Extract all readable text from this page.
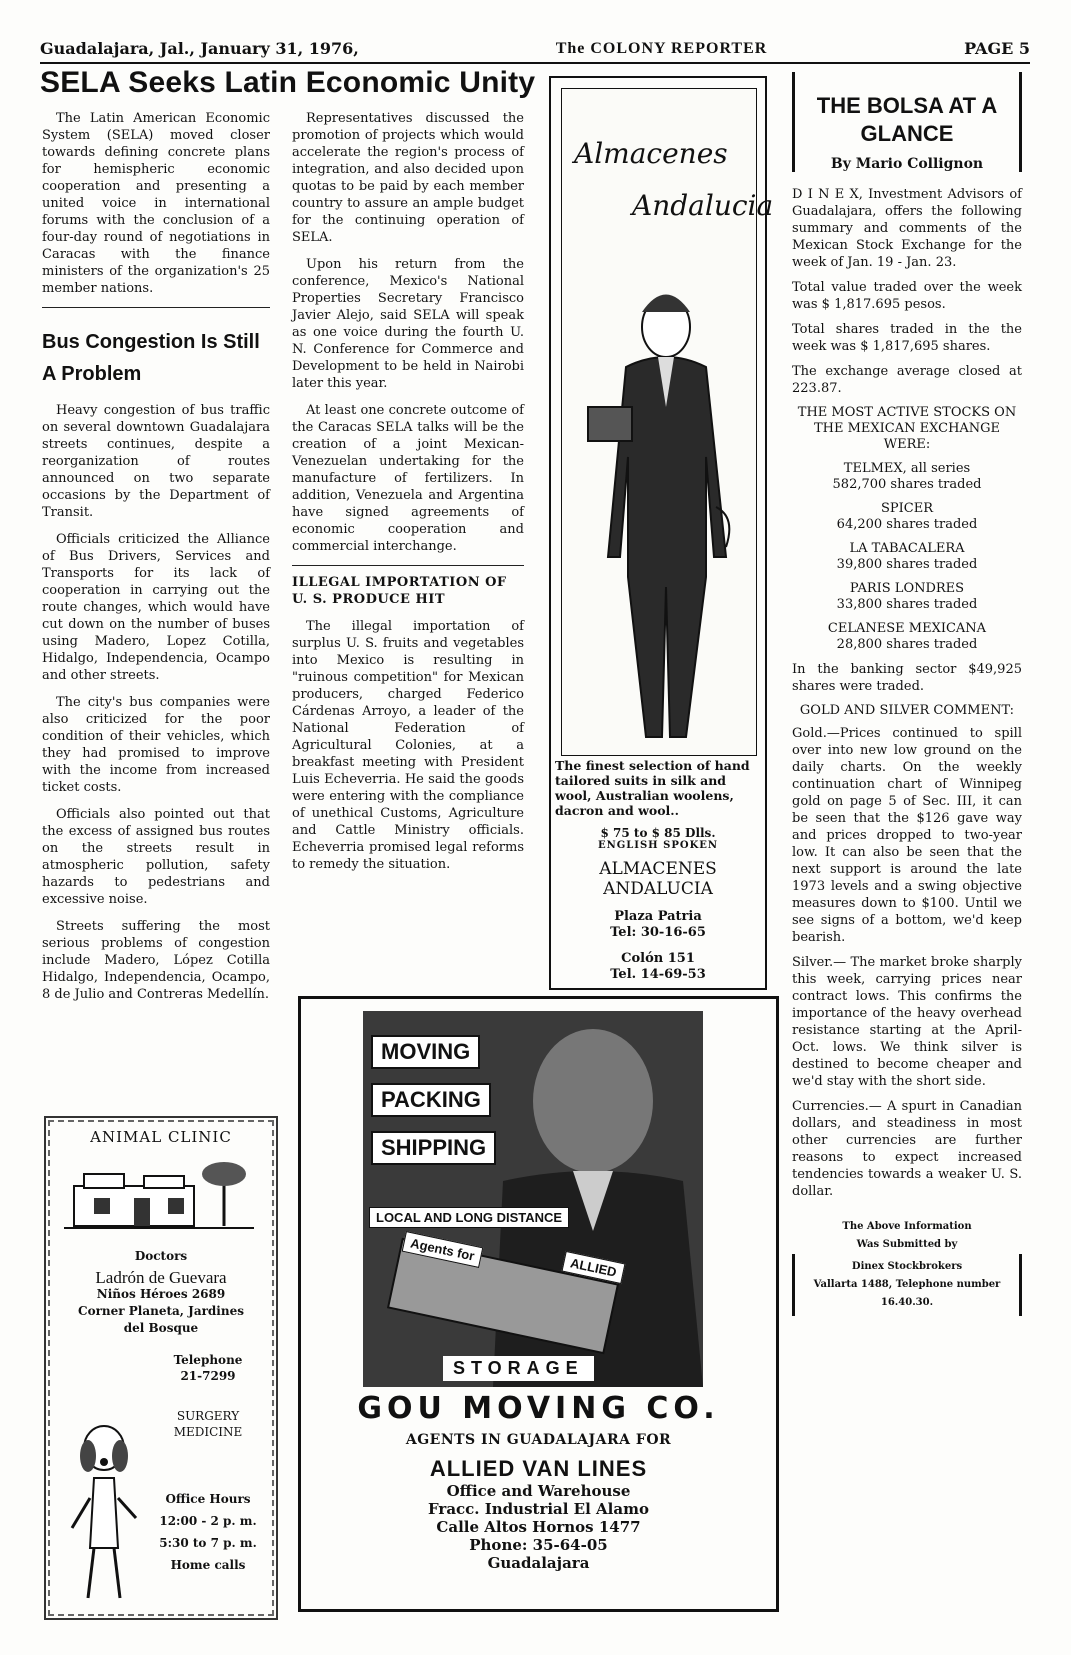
Guadalajara, Jal., January 31, 1976,	The COLONY REPORTER	PAGE 5
SELA Seeks Latin Economic Unity

The Latin American Economic System (SELA) moved closer towards defining concrete plans for hemispheric economic cooperation and presenting a united voice in international forums with the conclusion of a four-day round of negotiations in Caracas with the finance ministers of the organization's 25 member nations.

Bus Congestion Is Still A Problem

Heavy congestion of bus traffic on several downtown Guadalajara streets continues, despite a reorganization of routes announced on two separate occasions by the Department of Transit.

Officials criticized the Alliance of Bus Drivers, Services and Transports for its lack of cooperation in carrying out the route changes, which would have cut down on the number of buses using Madero, Lopez Cotilla, Hidalgo, Independencia, Ocampo and other streets.

The city's bus companies were also criticized for the poor condition of their vehicles, which they had promised to improve with the income from increased ticket costs.

Officials also pointed out that the excess of assigned bus routes on the streets result in atmospheric pollution, safety hazards to pedestrians and excessive noise.

Streets suffering the most serious problems of congestion include Madero, López Cotilla Hidalgo, Independencia, Ocampo, 8 de Julio and Contreras Medellín.

Representatives discussed the promotion of projects which would accelerate the region's process of integration, and also decided upon quotas to be paid by each member country to assure an ample budget for the continuing operation of SELA.

Upon his return from the conference, Mexico's National Properties Secretary Francisco Javier Alejo, said SELA will speak as one voice during the fourth U. N. Conference for Commerce and Development to be held in Nairobi later this year.

At least one concrete outcome of the Caracas SELA talks will be the creation of a joint Mexican-Venezuelan undertaking for the manufacture of fertilizers. In addition, Venezuela and Argentina have signed agreements of economic cooperation and commercial interchange.

ILLEGAL IMPORTATION OF U. S. PRODUCE HIT

The illegal importation of surplus U. S. fruits and vegetables into Mexico is resulting in "ruinous competition" for Mexican producers, charged Federico Cárdenas Arroyo, a leader of the National Federation of Agricultural Colonies, at a breakfast meeting with President Luis Echeverria. He said the goods were entering with the compliance of unethical Customs, Agriculture and Cattle Ministry officials. Echeverria promised legal reforms to remedy the situation.

Almacenes
Andalucia
The finest selection of hand tailored suits in silk and wool, Australian woolens, dacron and wool..
$ 75 to $ 85 Dlls.
ENGLISH SPOKEN
ALMACENES
ANDALUCIA
Plaza Patria
Tel: 30-16-65
Colón 151
Tel. 14-69-53
THE BOLSA AT A GLANCE
By Mario Collignon

D I N E X, Investment Advisors of Guadalajara, offers the following summary and comments of the Mexican Stock Exchange for the week of Jan. 19 - Jan. 23.

Total value traded over the week was $ 1,817.695 pesos.

Total shares traded in the the week was $ 1,817,695 shares.

The exchange average closed at 223.87.

THE MOST ACTIVE STOCKS ON THE MEXICAN EXCHANGE WERE:
TELMEX, all series
582,700 shares traded
SPICER
64,200 shares traded
LA TABACALERA
39,800 shares traded
PARIS LONDRES
33,800 shares traded
CELANESE MEXICANA
28,800 shares traded

In the banking sector $49,925 shares were traded.

GOLD AND SILVER COMMENT:

Gold.—Prices continued to spill over into new low ground on the daily charts. On the weekly continuation chart of Winnipeg gold on page 5 of Sec. III, it can be seen that the $126 gave way and prices dropped to two-year low. It can also be seen that the next support is around the late 1973 levels and a swing objective measures down to $100. Until we see signs of a bottom, we'd keep bearish.

Silver.— The market broke sharply this week, carrying prices near contract lows. This confirms the importance of the heavy overhead resistance starting at the April-Oct. lows. We think silver is destined to become cheaper and we'd stay with the short side.

Currencies.— A spurt in Canadian dollars, and steadiness in most other currencies are further reasons to expect increased tendencies towards a weaker U. S. dollar.

The Above Information
Was Submitted by
Dinex Stockbrokers
Vallarta 1488, Telephone number
16.40.30.
ANIMAL CLINIC
Doctors
Ladrón de Guevara
Niños Héroes 2689
Corner Planeta, Jardines
del Bosque
Telephone
21-7299
SURGERY
MEDICINE
Office Hours
12:00 - 2 p. m.
5:30 to 7 p. m.
Home calls
MOVING
PACKING
SHIPPING
LOCAL AND LONG DISTANCE
Agents for
ALLIED
STORAGE
GOU MOVING CO.
AGENTS IN GUADALAJARA FOR
ALLIED VAN LINES
Office and Warehouse
Fracc. Industrial El Alamo
Calle Altos Hornos 1477
Phone: 35-64-05
Guadalajara
